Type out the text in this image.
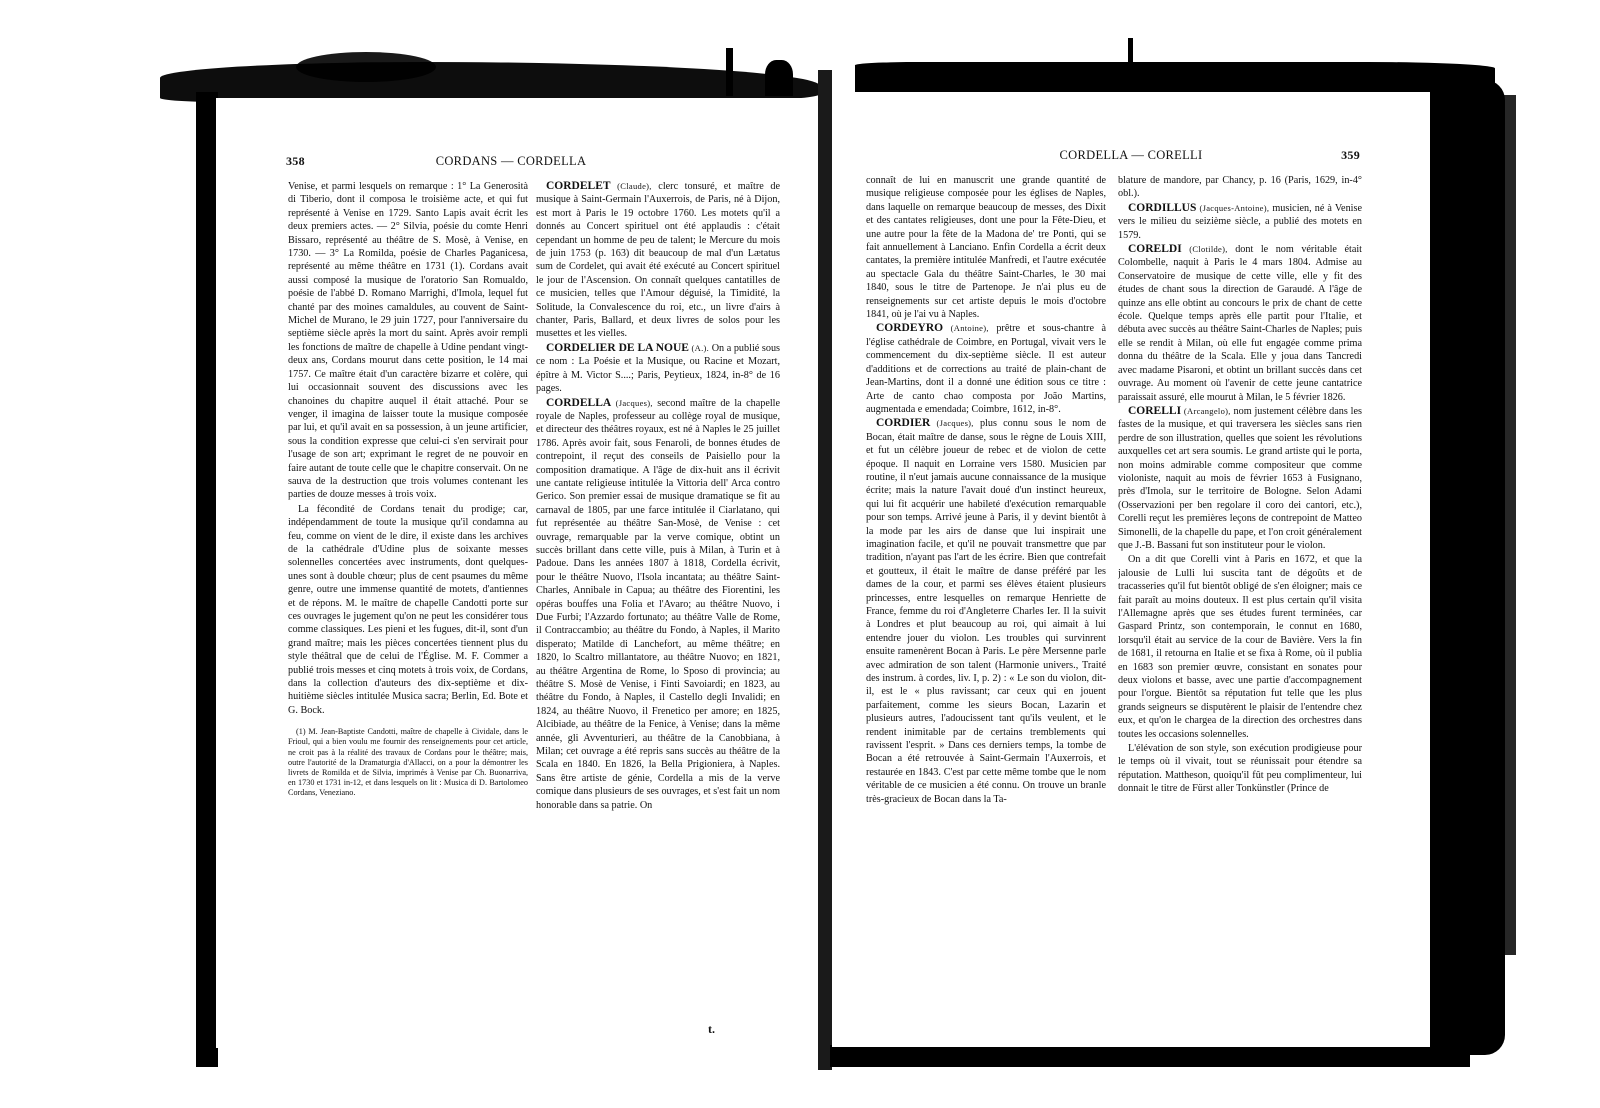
CORDANS — CORDELLA
358

Venise, et parmi lesquels on remarque : 1° La Generosità di Tiberio, dont il composa le troisième acte, et qui fut représenté à Venise en 1729. Santo Lapis avait écrit les deux premiers actes. — 2° Silvia, poésie du comte Henri Bissaro, représenté au théâtre de S. Mosè, à Venise, en 1730. — 3° La Romilda, poésie de Charles Paganicesa, représenté au même théâtre en 1731 (1). Cordans avait aussi composé la musique de l'oratorio San Romualdo, poésie de l'abbé D. Romano Marrighi, d'Imola, lequel fut chanté par des moines camaldules, au couvent de Saint-Michel de Murano, le 29 juin 1727, pour l'anniversaire du septième siècle après la mort du saint. Après avoir rempli les fonctions de maître de chapelle à Udine pendant vingt-deux ans, Cordans mourut dans cette position, le 14 mai 1757. Ce maître était d'un caractère bizarre et colère, qui lui occasionnait souvent des discussions avec les chanoines du chapitre auquel il était attaché. Pour se venger, il imagina de laisser toute la musique composée par lui, et qu'il avait en sa possession, à un jeune artificier, sous la condition expresse que celui-ci s'en servirait pour l'usage de son art; exprimant le regret de ne pouvoir en faire autant de toute celle que le chapitre conservait. On ne sauva de la destruction que trois volumes contenant les parties de douze messes à trois voix.

La fécondité de Cordans tenait du prodige; car, indépendamment de toute la musique qu'il condamna au feu, comme on vient de le dire, il existe dans les archives de la cathédrale d'Udine plus de soixante messes solennelles concertées avec instruments, dont quelques-unes sont à double chœur; plus de cent psaumes du même genre, outre une immense quantité de motets, d'antiennes et de répons. M. le maître de chapelle Candotti porte sur ces ouvrages le jugement qu'on ne peut les considérer tous comme classiques. Les pieni et les fugues, dit-il, sont d'un grand maître; mais les pièces concertées tiennent plus du style théâtral que de celui de l'Église. M. F. Commer a publié trois messes et cinq motets à trois voix, de Cordans, dans la collection d'auteurs des dix-septième et dix-huitième siècles intitulée Musica sacra; Berlin, Ed. Bote et G. Bock.

(1) M. Jean-Baptiste Candotti, maître de chapelle à Cividale, dans le Frioul, qui a bien voulu me fournir des renseignements pour cet article, ne croit pas à la réalité des travaux de Cordans pour le théâtre; mais, outre l'autorité de la Dramaturgia d'Allacci, on a pour la démontrer les livrets de Romilda et de Silvia, imprimés à Venise par Ch. Buonarriva, en 1730 et 1731 in-12, et dans lesquels on lit : Musica di D. Bartolomeo Cordans, Veneziano.

CORDELET (Claude), clerc tonsuré, et maître de musique à Saint-Germain l'Auxerrois, de Paris, né à Dijon, est mort à Paris le 19 octobre 1760. Les motets qu'il a donnés au Concert spirituel ont été applaudis : c'était cependant un homme de peu de talent; le Mercure du mois de juin 1753 (p. 163) dit beaucoup de mal d'un Lætatus sum de Cordelet, qui avait été exécuté au Concert spirituel le jour de l'Ascension. On connaît quelques cantatilles de ce musicien, telles que l'Amour déguisé, la Timidité, la Solitude, la Convalescence du roi, etc., un livre d'airs à chanter, Paris, Ballard, et deux livres de solos pour les musettes et les vielles.

CORDELIER DE LA NOUE (A.). On a publié sous ce nom : La Poésie et la Musique, ou Racine et Mozart, épître à M. Victor S....; Paris, Peytieux, 1824, in-8° de 16 pages.

CORDELLA (Jacques), second maître de la chapelle royale de Naples, professeur au collège royal de musique, et directeur des théâtres royaux, est né à Naples le 25 juillet 1786. Après avoir fait, sous Fenaroli, de bonnes études de contrepoint, il reçut des conseils de Paisiello pour la composition dramatique. A l'âge de dix-huit ans il écrivit une cantate religieuse intitulée la Vittoria dell' Arca contro Gerico. Son premier essai de musique dramatique se fit au carnaval de 1805, par une farce intitulée il Ciarlatano, qui fut représentée au théâtre San-Mosè, de Venise : cet ouvrage, remarquable par la verve comique, obtint un succès brillant dans cette ville, puis à Milan, à Turin et à Padoue. Dans les années 1807 à 1818, Cordella écrivit, pour le théâtre Nuovo, l'Isola incantata; au théâtre Saint-Charles, Annibale in Capua; au théâtre des Fiorentini, les opéras bouffes una Folia et l'Avaro; au théâtre Nuovo, i Due Furbi; l'Azzardo fortunato; au théâtre Valle de Rome, il Contraccambio; au théâtre du Fondo, à Naples, il Marito disperato; Matilde di Lanchefort, au même théâtre; en 1820, lo Scaltro millantatore, au théâtre Nuovo; en 1821, au théâtre Argentina de Rome, lo Sposo di provincia; au théâtre S. Mosè de Venise, i Finti Savoiardi; en 1823, au théâtre du Fondo, à Naples, il Castello degli Invalidi; en 1824, au théâtre Nuovo, il Frenetico per amore; en 1825, Alcibiade, au théâtre de la Fenice, à Venise; dans la même année, gli Avventurieri, au théâtre de la Canobbiana, à Milan; cet ouvrage a été repris sans succès au théâtre de la Scala en 1840. En 1826, la Bella Prigioniera, à Naples. Sans être artiste de génie, Cordella a mis de la verve comique dans plusieurs de ses ouvrages, et s'est fait un nom honorable dans sa patrie. On

t.
CORDELLA — CORELLI	359

connaît de lui en manuscrit une grande quantité de musique religieuse composée pour les églises de Naples, dans laquelle on remarque beaucoup de messes, des Dixit et des cantates religieuses, dont une pour la Fête-Dieu, et une autre pour la fête de la Madona de' tre Ponti, qui se fait annuellement à Lanciano. Enfin Cordella a écrit deux cantates, la première intitulée Manfredi, et l'autre exécutée au spectacle Gala du théâtre Saint-Charles, le 30 mai 1840, sous le titre de Partenope. Je n'ai plus eu de renseignements sur cet artiste depuis le mois d'octobre 1841, où je l'ai vu à Naples.

CORDEYRO (Antoine), prêtre et sous-chantre à l'église cathédrale de Coimbre, en Portugal, vivait vers le commencement du dix-septième siècle. Il est auteur d'additions et de corrections au traité de plain-chant de Jean-Martins, dont il a donné une édition sous ce titre : Arte de canto chao composta por João Martins, augmentada e emendada; Coimbre, 1612, in-8°.

CORDIER (Jacques), plus connu sous le nom de Bocan, était maître de danse, sous le règne de Louis XIII, et fut un célèbre joueur de rebec et de violon de cette époque. Il naquit en Lorraine vers 1580. Musicien par routine, il n'eut jamais aucune connaissance de la musique écrite; mais la nature l'avait doué d'un instinct heureux, qui lui fit acquérir une habileté d'exécution remarquable pour son temps. Arrivé jeune à Paris, il y devint bientôt à la mode par les airs de danse que lui inspirait une imagination facile, et qu'il ne pouvait transmettre que par tradition, n'ayant pas l'art de les écrire. Bien que contrefait et goutteux, il était le maître de danse préféré par les dames de la cour, et parmi ses élèves étaient plusieurs princesses, entre lesquelles on remarque Henriette de France, femme du roi d'Angleterre Charles Ier. Il la suivit à Londres et plut beaucoup au roi, qui aimait à lui entendre jouer du violon. Les troubles qui survinrent ensuite ramenèrent Bocan à Paris. Le père Mersenne parle avec admiration de son talent (Harmonie univers., Traité des instrum. à cordes, liv. I, p. 2) : « Le son du violon, dit-il, est le « plus ravissant; car ceux qui en jouent parfaitement, comme les sieurs Bocan, Lazarin et plusieurs autres, l'adoucissent tant qu'ils veulent, et le rendent inimitable par de certains tremblements qui ravissent l'esprit. » Dans ces derniers temps, la tombe de Bocan a été retrouvée à Saint-Germain l'Auxerrois, et restaurée en 1843. C'est par cette même tombe que le nom véritable de ce musicien a été connu. On trouve un branle très-gracieux de Bocan dans la Ta-

blature de mandore, par Chancy, p. 16 (Paris, 1629, in-4° obl.).

CORDILLUS (Jacques-Antoine), musicien, né à Venise vers le milieu du seizième siècle, a publié des motets en 1579.

CORELDI (Clotilde), dont le nom véritable était Colombelle, naquit à Paris le 4 mars 1804. Admise au Conservatoire de musique de cette ville, elle y fit des études de chant sous la direction de Garaudé. A l'âge de quinze ans elle obtint au concours le prix de chant de cette école. Quelque temps après elle partit pour l'Italie, et débuta avec succès au théâtre Saint-Charles de Naples; puis elle se rendit à Milan, où elle fut engagée comme prima donna du théâtre de la Scala. Elle y joua dans Tancredi avec madame Pisaroni, et obtint un brillant succès dans cet ouvrage. Au moment où l'avenir de cette jeune cantatrice paraissait assuré, elle mourut à Milan, le 5 février 1826.

CORELLI (Arcangelo), nom justement célèbre dans les fastes de la musique, et qui traversera les siècles sans rien perdre de son illustration, quelles que soient les révolutions auxquelles cet art sera soumis. Le grand artiste qui le porta, non moins admirable comme compositeur que comme violoniste, naquit au mois de février 1653 à Fusignano, près d'Imola, sur le territoire de Bologne. Selon Adami (Osservazioni per ben regolare il coro dei cantori, etc.), Corelli reçut les premières leçons de contrepoint de Matteo Simonelli, de la chapelle du pape, et l'on croit généralement que J.-B. Bassani fut son instituteur pour le violon.

On a dit que Corelli vint à Paris en 1672, et que la jalousie de Lulli lui suscita tant de dégoûts et de tracasseries qu'il fut bientôt obligé de s'en éloigner; mais ce fait paraît au moins douteux. Il est plus certain qu'il visita l'Allemagne après que ses études furent terminées, car Gaspard Printz, son contemporain, le connut en 1680, lorsqu'il était au service de la cour de Bavière. Vers la fin de 1681, il retourna en Italie et se fixa à Rome, où il publia en 1683 son premier œuvre, consistant en sonates pour deux violons et basse, avec une partie d'accompagnement pour l'orgue. Bientôt sa réputation fut telle que les plus grands seigneurs se disputèrent le plaisir de l'entendre chez eux, et qu'on le chargea de la direction des orchestres dans toutes les occasions solennelles.

L'élévation de son style, son exécution prodigieuse pour le temps où il vivait, tout se réunissait pour étendre sa réputation. Mattheson, quoiqu'il fût peu complimenteur, lui donnait le titre de Fürst aller Tonkünstler (Prince de
